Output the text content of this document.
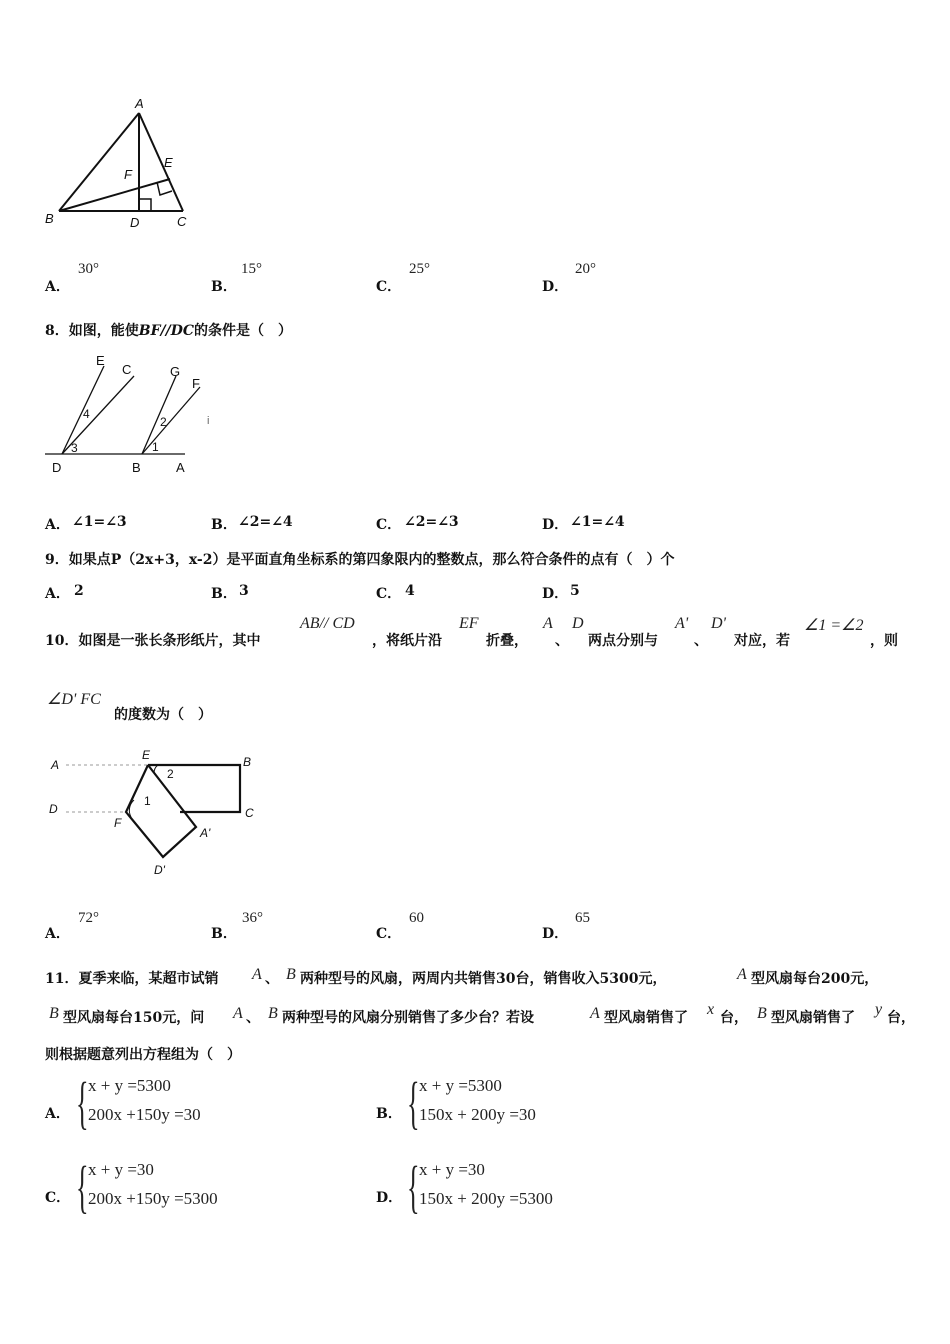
A
E
F
B	D	C
A．
30°
B．
15°
C．
25°
D．
20°
8．如图，能使BF//DC的条件是（　）
E
C	G
F
4
3
2
1
D	B	A
i
A． ∠1=∠3	B． ∠2=∠4	C． ∠2=∠3	D． ∠1=∠4
9．如果点P（2x+3，x-2）是平面直角坐标系的第四象限内的整数点，那么符合条件的点有（　）个
A． 2	B． 3	C． 4	D． 5
10．如图是一张长条形纸片，其中
AB// CD
，将纸片沿
EF
折叠，
A
、
D
两点分别与
A'
、
D'
对应，若
∠1 =∠2
，则
∠D' FC
的度数为（　）
A
E	B
2
D
1
C
F
A'
D'
A．
72°
B．
36°
C．
60
D．
65
11．夏季来临，某超市试销 A 、 B 两种型号的风扇，两周内共销售30台，销售收入5300元，	A 型风扇每台200元，
B 型风扇每台150元，问 A 、 B 两种型号的风扇分别销售了多少台？若设	A 型风扇销售了 x 台， B 型风扇销售了 y 台，
则根据题意列出方程组为（　）
A． { x + y =5300
200x +150y =30	B． { x + y =5300
150x + 200y =30
C． { x + y =30
200x +150y =5300	D． { x + y =30
150x + 200y =5300
